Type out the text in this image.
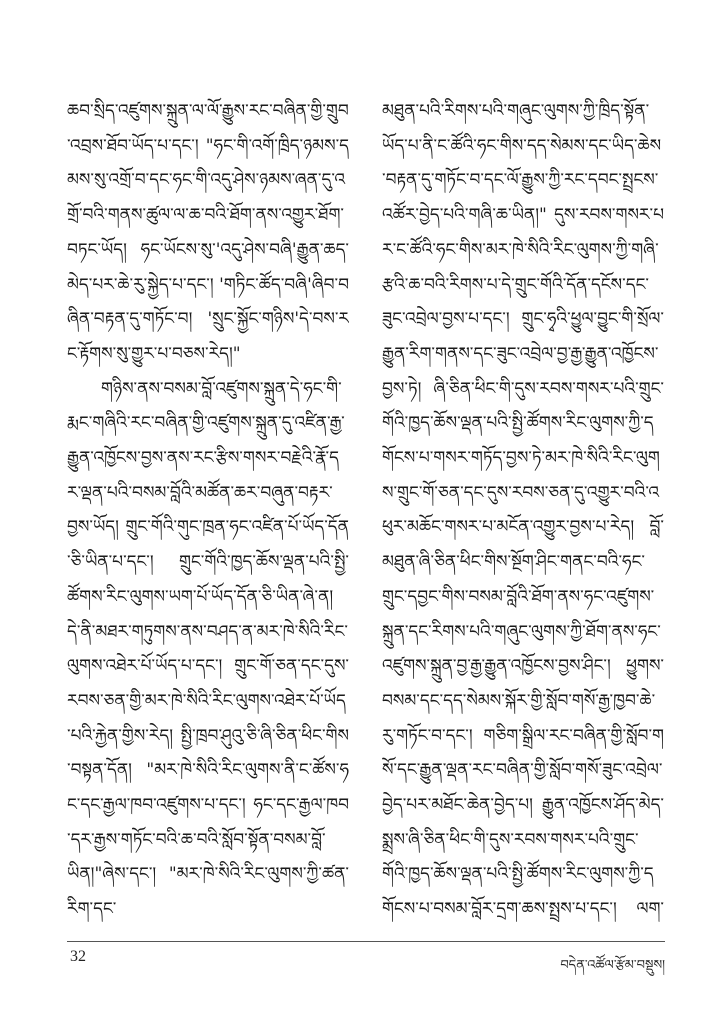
ཆབ་སྲིད་འཛུགས་སྐྲུན་ལ་ལོ་རྒྱུས་རང་བཞིན་གྱི་གྲུབ་འབྲས་ཐོབ་ཡོད་པ་དང་། "ཧང་གི་འགོ་ཁྲིད་ཉམས་དམས་སུ་འགྲོ་བ་དང་ཧང་གི་འདུ་ཤེས་ཉམས་ཞན་དུ་འགྲོ་བའི་གནས་ཚུལ་ལ་ཆ་བའི་ཐོག་ནས་འགྱུར་ཐོག་བཏང་ཡོད། ཧང་ཡོངས་སུ་'འདུ་ཤེས་བཞི'རྒྱུན་ཆད་མེད་པར་ཆེ་རུ་སྐྱེད་པ་དང་། 'གཏིང་ཚོད་བཞི'ཞིབ་བཞིན་བརྟན་དུ་གཏོང་བ། 'སྲུང་སྐྱོང་གཉིས'དེ་བས་རང་རྟོགས་སུ་གྱུར་པ་བཅས་རེད།"

གཉིས་ནས་བསམ་བློ་འཛུགས་སྐྲུན་དེ་ཧང་གི་རྨང་གཞིའི་རང་བཞིན་གྱི་འཛུགས་སྐྲུན་དུ་འཛིན་རྒྱ་རྒྱུན་འཁྱོངས་བྱས་ནས་རང་རྩིས་གསར་བརྗེའི་རྣོ་དར་ལྡན་པའི་བསམ་བློའི་མཚོན་ཆར་བཞུན་བརྟར་བྱས་ཡོད། གྲུང་གོའི་གུང་ཁྲན་ཧང་འཛིན་པོ་ཡོད་དོན་ཅི་ཡིན་པ་དང་། གྲུང་གོའི་ཁྱད་ཆོས་ལྡན་པའི་སྤྱི་ཚོགས་རིང་ལུགས་ཡག་པོ་ཡོད་དོན་ཅི་ཡིན་ཞེ་ན། དེ་ནི་མཐར་གཏུགས་ནས་བཤད་ན་མར་ཁེ་སིའི་རིང་ལུགས་འཐེར་པོ་ཡོད་པ་དང་། གྲུང་གོ་ཅན་དང་དུས་རབས་ཅན་གྱི་མར་ཁེ་སིའི་རིང་ལུགས་འཐེར་པོ་ཡོད་པའི་རྐྱེན་གྱིས་རེད། སྤྱི་ཁྲབ་ཤུའུ་ཅི་ཞི་ཅིན་ཕིང་གིས་བསྟན་དོན། "མར་ཁེ་སིའི་རིང་ལུགས་ནི་ང་ཚོས་ཧང་དང་རྒྱལ་ཁབ་འཛུགས་པ་དང་། ཧང་དང་རྒྱལ་ཁབ་དར་རྒྱས་གཏོང་བའི་ཆ་བའི་སློབ་སྟོན་བསམ་བློ་ཡིན།"ཞེས་དང་། "མར་ཁེ་སིའི་རིང་ལུགས་ཀྱི་ཚན་རིག་དང་

མཐུན་པའི་རིགས་པའི་གཞུང་ལུགས་ཀྱི་ཁྲིད་སྟོན་ཡོད་པ་ནི་ང་ཚོའི་ཧང་གིས་དད་སེམས་དང་ཡིད་ཆེས་བརྟན་དུ་གཏོང་བ་དང་ལོ་རྒྱུས་ཀྱི་རང་དབང་སྤྲངས་འཚོར་བྱེད་པའི་གཞི་ཆ་ཡིན།" དུས་རབས་གསར་པར་ང་ཚོའི་ཧང་གིས་མར་ཁེ་སིའི་རིང་ལུགས་ཀྱི་གཞི་རྩའི་ཆ་བའི་རིགས་པ་དེ་གྲུང་གོའི་དོན་དངོས་དང་ཟུང་འབྲེལ་བྱས་པ་དང་། གྲུང་ཧྭའི་ཕྱུལ་བྱུང་གི་སྲོལ་རྒྱུན་རིག་གནས་དང་ཟུང་འབྲེལ་བྱ་རྒྱ་རྒྱུན་འཁྱོངས་བྱས་ཏེ། ཞི་ཅིན་ཕིང་གི་དུས་རབས་གསར་པའི་གྲུང་གོའི་ཁྱད་ཆོས་ལྡན་པའི་སྤྱི་ཚོགས་རིང་ལུགས་ཀྱི་དགོངས་པ་གསར་གཏོད་བྱས་ཏེ་མར་ཁེ་སིའི་རིང་ལུགས་གྲུང་གོ་ཅན་དང་དུས་རབས་ཅན་དུ་འགྱུར་བའི་འཕུར་མཆོང་གསར་པ་མངོན་འགྱུར་བྱས་པ་རེད། བློ་མཐུན་ཞི་ཅིན་ཕིང་གིས་སྔོག་ཤིང་གནང་བའི་ཧང་གྲུང་དབྱང་གིས་བསམ་བློའི་ཐོག་ནས་ཧང་འཛུགས་སྐྲུན་དང་རིགས་པའི་གཞུང་ལུགས་ཀྱི་ཐོག་ནས་ཧང་འཛུགས་སྐྲུན་བྱ་རྒྱ་རྒྱུན་འཁྱོངས་བྱས་ཤིང་། ཕྱུགས་བསམ་དང་དད་སེམས་སྐོར་གྱི་སློབ་གསོ་རྒྱ་ཁྱབ་ཆེ་རུ་གཏོང་བ་དང་། གཅིག་སྒྲིལ་རང་བཞིན་གྱི་སློབ་གསོ་དང་རྒྱུན་ལྡན་རང་བཞིན་གྱི་སློབ་གསོ་ཟུང་འབྲེལ་བྱེད་པར་མཐོང་ཆེན་བྱེད་པ། རྒྱུན་འཁྱོངས་ཤོད་མེད་སྨྲས་ཞི་ཅིན་ཕིང་གི་དུས་རབས་གསར་པའི་གྲུང་གོའི་ཁྱད་ཆོས་ལྡན་པའི་སྤྱི་ཚོགས་རིང་ལུགས་ཀྱི་དགོངས་པ་བསམ་བློར་དྲག་ཆས་སྤྲས་པ་དང་། ལག་

32
བདེན་འཚོལ་རྩོམ་བསྡུས།
